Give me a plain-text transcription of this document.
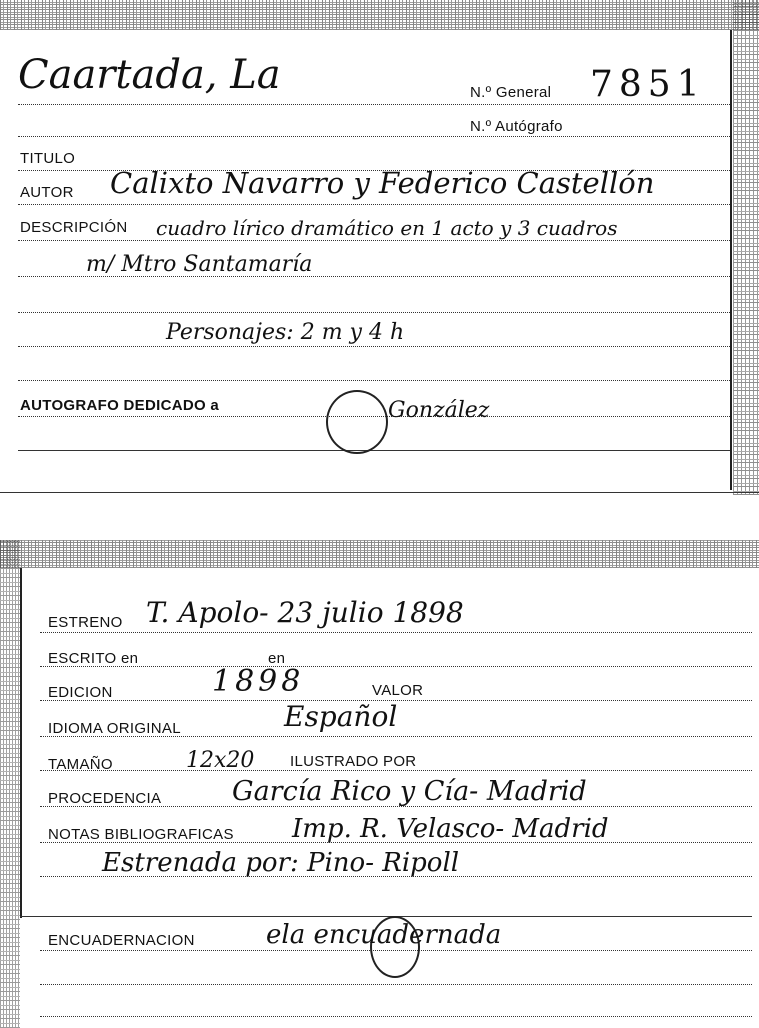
Caartada, La	N.º General 7851
N.º Autógrafo
TITULO
AUTOR Calixto Navarro y Federico Castellón
DESCRIPCIÓN cuadro lírico dramático en 1 acto y 3 cuadros
m/ Mtro Santamaría
Personajes: 2 m y 4 h
AUTOGRAFO DEDICADO a	González
ESTRENO T. Apolo- 23 julio 1898
ESCRITO en	en
EDICION	1898	VALOR
IDIOMA ORIGINAL	Español
TAMAÑO	12x20 ILUSTRADO POR
PROCEDENCIA	García Rico y Cía- Madrid
NOTAS BIBLIOGRAFICAS Imp. R. Velasco- Madrid
Estrenada por: Pino- Ripoll
ENCUADERNACION	ela encuadernada
